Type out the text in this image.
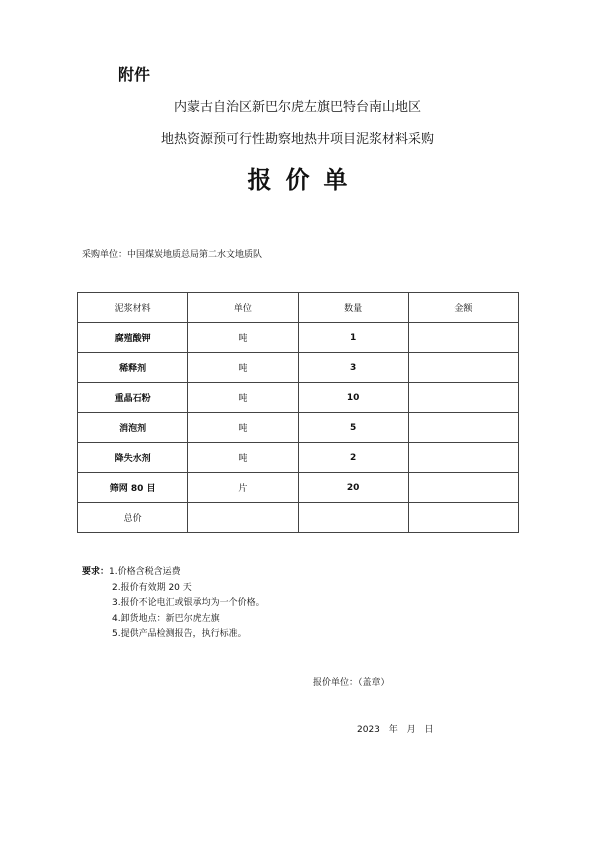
附件
内蒙古自治区新巴尔虎左旗巴特台南山地区
地热资源预可行性勘察地热井项目泥浆材料采购
报价单
采购单位：中国煤炭地质总局第二水文地质队
泥浆材料	单位	数量	金额
腐殖酸钾	吨	1	
稀释剂	吨	3	
重晶石粉	吨	10	
消泡剂	吨	5	
降失水剂	吨	2	
筛网 80 目	片	20	
总价			
要求：1.价格含税含运费
2.报价有效期 20 天
3.报价不论电汇或银承均为一个价格。
4.卸货地点：新巴尔虎左旗
5.提供产品检测报告，执行标准。
报价单位：（盖章）
2023 年 月 日
